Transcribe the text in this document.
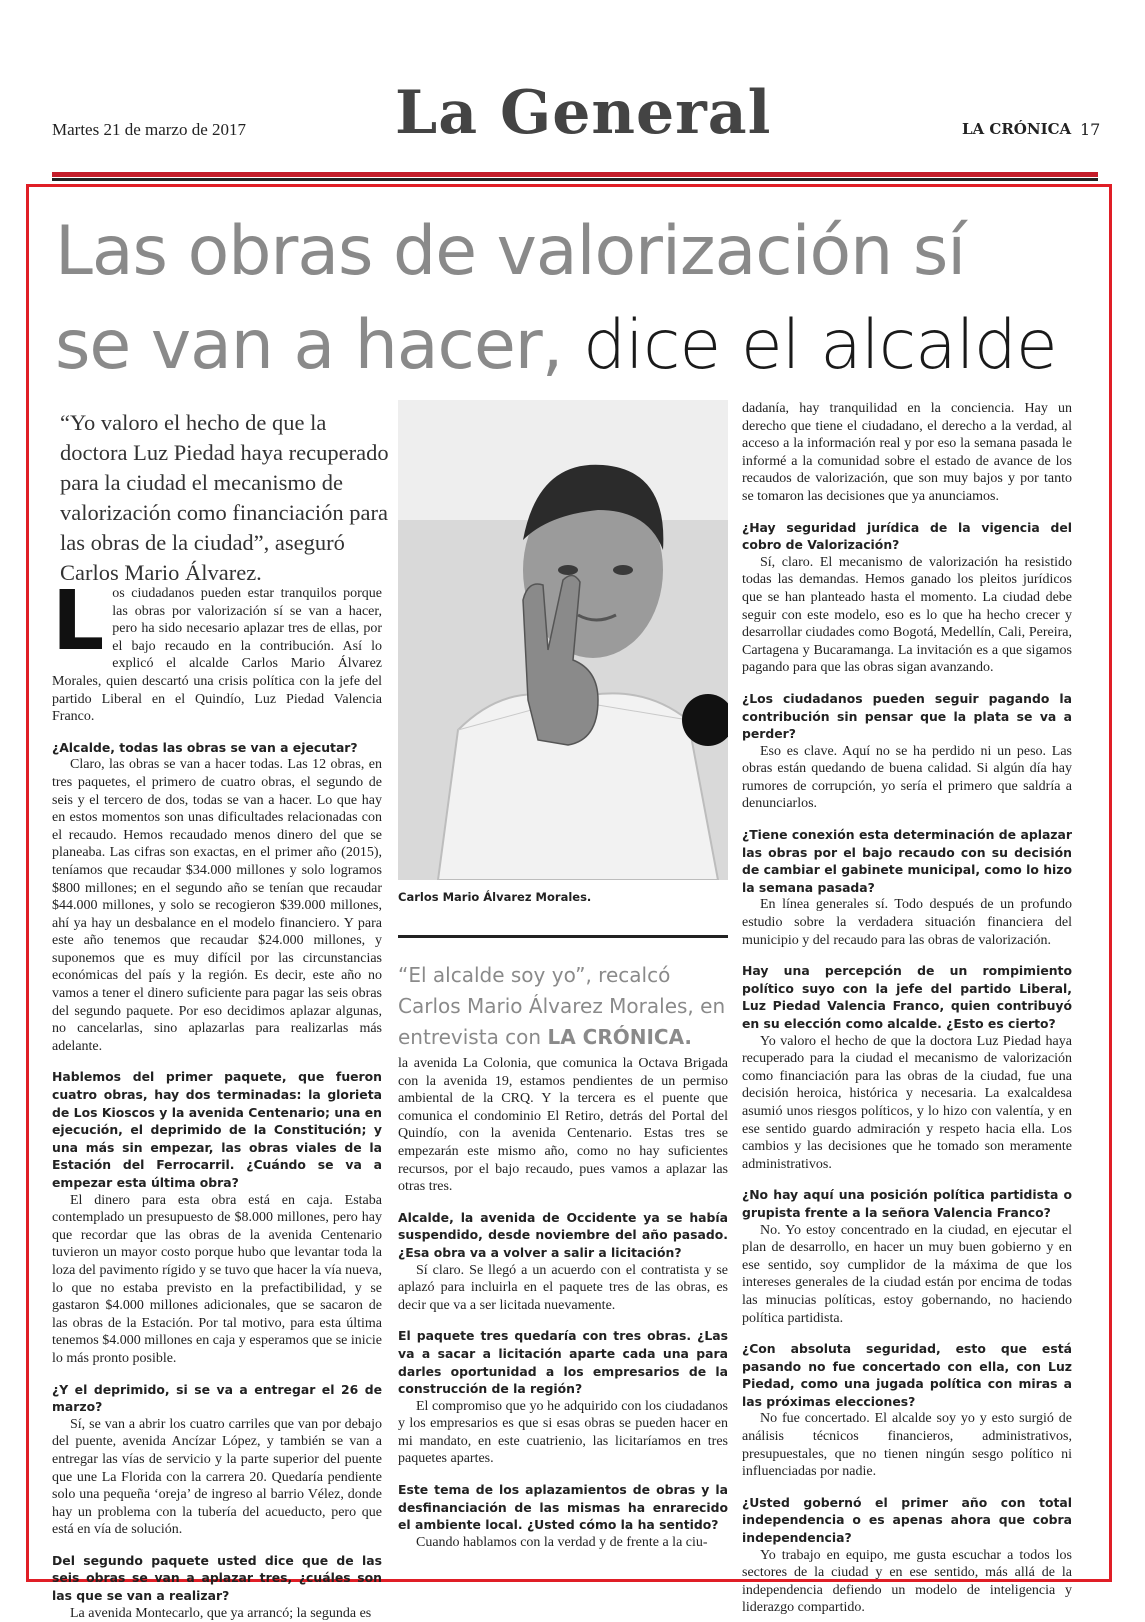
Martes 21 de marzo de 2017 La General	LA CRÓNICA 17
Las obras de valorización sí
se van a hacer, dice el alcalde
“Yo valoro el hecho de que la doctora Luz Piedad haya recuperado para la ciudad el mecanismo de valorización como financiación para las obras de la ciudad”, aseguró Carlos Mario Álvarez.

Los ciudadanos pueden estar tranquilos porque las obras por valorización sí se van a hacer, pero ha sido necesario aplazar tres de ellas, por el bajo recaudo en la contribución. Así lo explicó el alcalde Carlos Mario Álvarez Morales, quien descartó una crisis política con la jefe del partido Liberal en el Quindío, Luz Piedad Valencia Franco.

¿Alcalde, todas las obras se van a ejecutar?

Claro, las obras se van a hacer todas. Las 12 obras, en tres paquetes, el primero de cuatro obras, el segundo de seis y el tercero de dos, todas se van a hacer. Lo que hay en estos momentos son unas dificultades relacionadas con el recaudo. Hemos recaudado menos dinero del que se planeaba. Las cifras son exactas, en el primer año (2015), teníamos que recaudar $34.000 millones y solo logramos $800 millones; en el segundo año se tenían que recaudar $44.000 millones, y solo se recogieron $39.000 millones, ahí ya hay un desbalance en el modelo financiero. Y para este año tenemos que recaudar $24.000 millones, y suponemos que es muy difícil por las circunstancias económicas del país y la región. Es decir, este año no vamos a tener el dinero suficiente para pagar las seis obras del segundo paquete. Por eso decidimos aplazar algunas, no cancelarlas, sino aplazarlas para realizarlas más adelante.

Hablemos del primer paquete, que fueron cuatro obras, hay dos terminadas: la glorieta de Los Kioscos y la avenida Centenario; una en ejecución, el deprimido de la Constitución; y una más sin empezar, las obras viales de la Estación del Ferrocarril. ¿Cuándo se va a empezar esta última obra?

El dinero para esta obra está en caja. Estaba contemplado un presupuesto de $8.000 millones, pero hay que recordar que las obras de la avenida Centenario tuvieron un mayor costo porque hubo que levantar toda la loza del pavimento rígido y se tuvo que hacer la vía nueva, lo que no estaba previsto en la prefactibilidad, y se gastaron $4.000 millones adicionales, que se sacaron de las obras de la Estación. Por tal motivo, para esta última tenemos $4.000 millones en caja y esperamos que se inicie lo más pronto posible.

¿Y el deprimido, si se va a entregar el 26 de marzo?

Sí, se van a abrir los cuatro carriles que van por debajo del puente, avenida Ancízar López, y también se van a entregar las vías de servicio y la parte superior del puente que une La Florida con la carrera 20. Quedaría pendiente solo una pequeña ‘oreja’ de ingreso al barrio Vélez, donde hay un problema con la tubería del acueducto, pero que está en vía de solución.

Del segundo paquete usted dice que de las seis obras se van a aplazar tres, ¿cuáles son las que se van a realizar?

La avenida Montecarlo, que ya arrancó; la segunda es

Carlos Mario Álvarez Morales.
“El alcalde soy yo”, recalcó Carlos Mario Álvarez Morales, en entrevista con LA CRÓNICA.

la avenida La Colonia, que comunica la Octava Brigada con la avenida 19, estamos pendientes de un permiso ambiental de la CRQ. Y la tercera es el puente que comunica el condominio El Retiro, detrás del Portal del Quindío, con la avenida Centenario. Estas tres se empezarán este mismo año, como no hay suficientes recursos, por el bajo recaudo, pues vamos a aplazar las otras tres.

Alcalde, la avenida de Occidente ya se había suspendido, desde noviembre del año pasado. ¿Esa obra va a volver a salir a licitación?

Sí claro. Se llegó a un acuerdo con el contratista y se aplazó para incluirla en el paquete tres de las obras, es decir que va a ser licitada nuevamente.

El paquete tres quedaría con tres obras. ¿Las va a sacar a licitación aparte cada una para darles oportunidad a los empresarios de la construcción de la región?

El compromiso que yo he adquirido con los ciudadanos y los empresarios es que si esas obras se pueden hacer en mi mandato, en este cuatrienio, las licitaríamos en tres paquetes apartes.

Este tema de los aplazamientos de obras y la desfinanciación de las mismas ha enrarecido el ambiente local. ¿Usted cómo la ha sentido?

Cuando hablamos con la verdad y de frente a la ciu-

dadanía, hay tranquilidad en la conciencia. Hay un derecho que tiene el ciudadano, el derecho a la verdad, al acceso a la información real y por eso la semana pasada le informé a la comunidad sobre el estado de avance de los recaudos de valorización, que son muy bajos y por tanto se tomaron las decisiones que ya anunciamos.

¿Hay seguridad jurídica de la vigencia del cobro de Valorización?

Sí, claro. El mecanismo de valorización ha resistido todas las demandas. Hemos ganado los pleitos jurídicos que se han planteado hasta el momento. La ciudad debe seguir con este modelo, eso es lo que ha hecho crecer y desarrollar ciudades como Bogotá, Medellín, Cali, Pereira, Cartagena y Bucaramanga. La invitación es a que sigamos pagando para que las obras sigan avanzando.

¿Los ciudadanos pueden seguir pagando la contribución sin pensar que la plata se va a perder?

Eso es clave. Aquí no se ha perdido ni un peso. Las obras están quedando de buena calidad. Si algún día hay rumores de corrupción, yo sería el primero que saldría a denunciarlos.

¿Tiene conexión esta determinación de aplazar las obras por el bajo recaudo con su decisión de cambiar el gabinete municipal, como lo hizo la semana pasada?

En línea generales sí. Todo después de un profundo estudio sobre la verdadera situación financiera del municipio y del recaudo para las obras de valorización.

Hay una percepción de un rompimiento político suyo con la jefe del partido Liberal, Luz Piedad Valencia Franco, quien contribuyó en su elección como alcalde. ¿Esto es cierto?

Yo valoro el hecho de que la doctora Luz Piedad haya recuperado para la ciudad el mecanismo de valorización como financiación para las obras de la ciudad, fue una decisión heroica, histórica y necesaria. La exalcaldesa asumió unos riesgos políticos, y lo hizo con valentía, y en ese sentido guardo admiración y respeto hacia ella. Los cambios y las decisiones que he tomado son meramente administrativos.

¿No hay aquí una posición política partidista o grupista frente a la señora Valencia Franco?

No. Yo estoy concentrado en la ciudad, en ejecutar el plan de desarrollo, en hacer un muy buen gobierno y en ese sentido, soy cumplidor de la máxima de que los intereses generales de la ciudad están por encima de todas las minucias políticas, estoy gobernando, no haciendo política partidista.

¿Con absoluta seguridad, esto que está pasando no fue concertado con ella, con Luz Piedad, como una jugada política con miras a las próximas elecciones?

No fue concertado. El alcalde soy yo y esto surgió de análisis técnicos financieros, administrativos, presupuestales, que no tienen ningún sesgo político ni influenciadas por nadie.

¿Usted gobernó el primer año con total independencia o es apenas ahora que cobra independencia?

Yo trabajo en equipo, me gusta escuchar a todos los sectores de la ciudad y en ese sentido, más allá de la independencia defiendo un modelo de inteligencia y liderazgo compartido.
